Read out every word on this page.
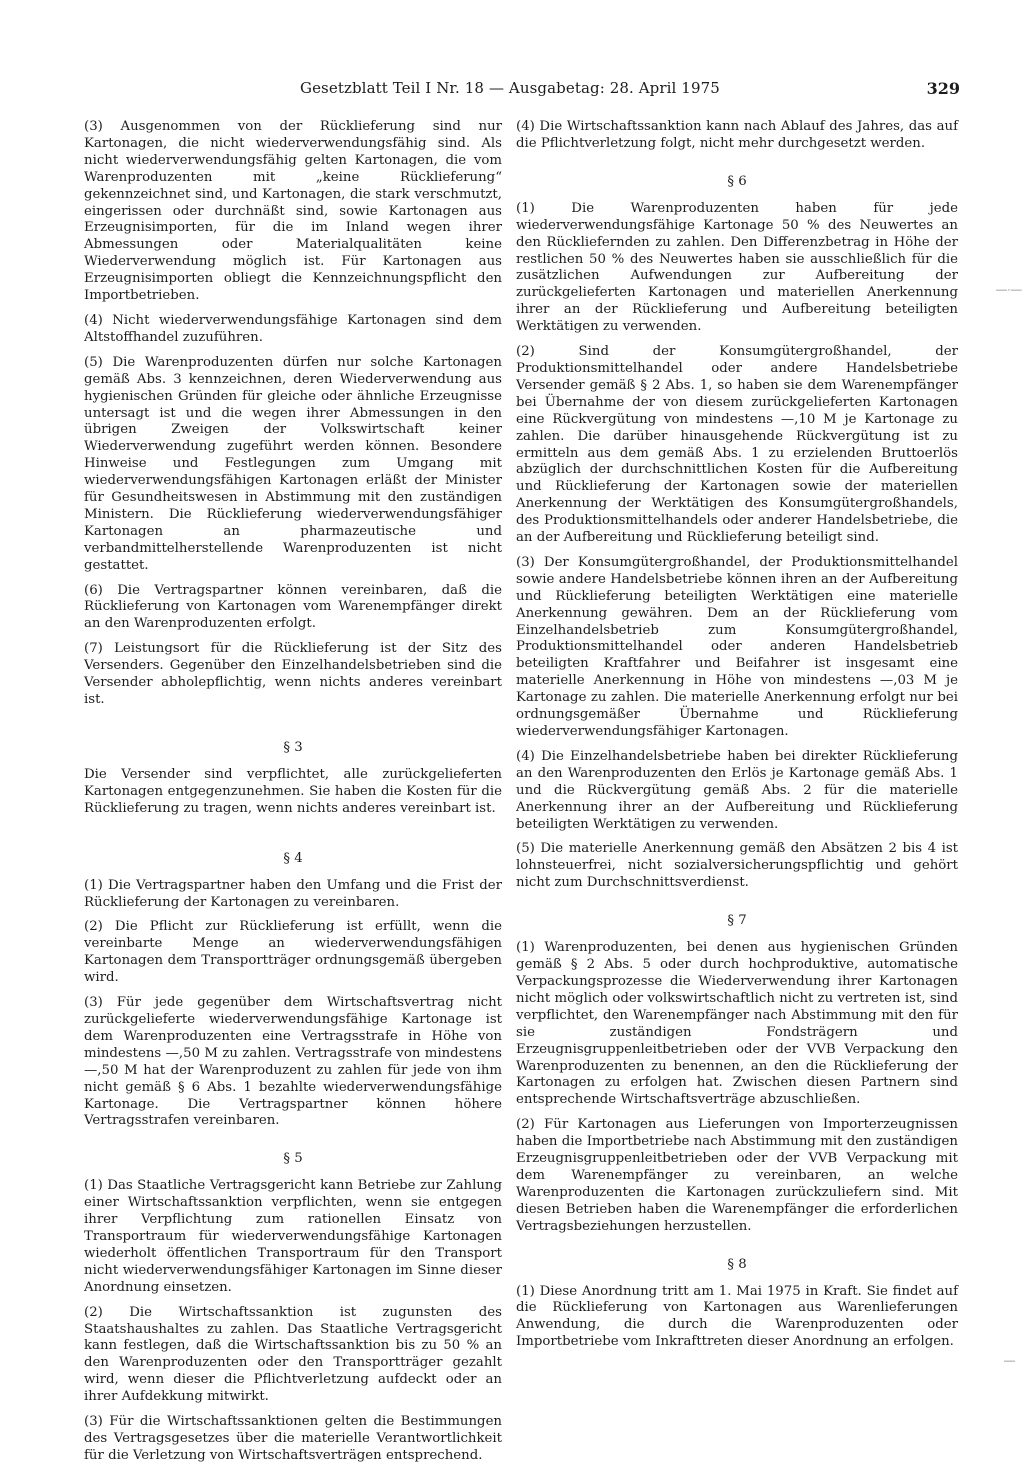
Gesetzblatt Teil I Nr. 18 — Ausgabetag: 28. April 1975	329

(3) Ausgenommen von der Rücklieferung sind nur Kartonagen, die nicht wiederverwendungsfähig sind. Als nicht wiederverwendungsfähig gelten Kartonagen, die vom Warenproduzenten mit „keine Rücklieferung“ gekennzeichnet sind, und Kartonagen, die stark verschmutzt, eingerissen oder durchnäßt sind, sowie Kartonagen aus Erzeugnisimporten, für die im Inland wegen ihrer Abmessungen oder Materialqualitäten keine Wiederverwendung möglich ist. Für Kartonagen aus Erzeugnisimporten obliegt die Kennzeichnungspflicht den Importbetrieben.

(4) Nicht wiederverwendungsfähige Kartonagen sind dem Altstoffhandel zuzuführen.

(5) Die Warenproduzenten dürfen nur solche Kartonagen gemäß Abs. 3 kennzeichnen, deren Wiederverwendung aus hygienischen Gründen für gleiche oder ähnliche Erzeugnisse untersagt ist und die wegen ihrer Abmessungen in den übrigen Zweigen der Volkswirtschaft keiner Wiederverwendung zugeführt werden können. Besondere Hinweise und Festlegungen zum Umgang mit wiederverwendungsfähigen Kartonagen erläßt der Minister für Gesundheitswesen in Abstimmung mit den zuständigen Ministern. Die Rücklieferung wiederverwendungsfähiger Kartonagen an pharmazeutische und verbandmittelherstellende Warenproduzenten ist nicht gestattet.

(6) Die Vertragspartner können vereinbaren, daß die Rücklieferung von Kartonagen vom Warenempfänger direkt an den Warenproduzenten erfolgt.

(7) Leistungsort für die Rücklieferung ist der Sitz des Versenders. Gegenüber den Einzelhandelsbetrieben sind die Versender abholepflichtig, wenn nichts anderes vereinbart ist.

§ 3

Die Versender sind verpflichtet, alle zurückgelieferten Kartonagen entgegenzunehmen. Sie haben die Kosten für die Rücklieferung zu tragen, wenn nichts anderes vereinbart ist.

§ 4

(1) Die Vertragspartner haben den Umfang und die Frist der Rücklieferung der Kartonagen zu vereinbaren.

(2) Die Pflicht zur Rücklieferung ist erfüllt, wenn die vereinbarte Menge an wiederverwendungsfähigen Kartonagen dem Transportträger ordnungsgemäß übergeben wird.

(3) Für jede gegenüber dem Wirtschaftsvertrag nicht zurückgelieferte wiederverwendungsfähige Kartonage ist dem Warenproduzenten eine Vertragsstrafe in Höhe von mindestens —,50 M zu zahlen. Vertragsstrafe von mindestens —,50 M hat der Warenproduzent zu zahlen für jede von ihm nicht gemäß § 6 Abs. 1 bezahlte wiederverwendungsfähige Kartonage. Die Vertragspartner können höhere Vertragsstrafen vereinbaren.

§ 5

(1) Das Staatliche Vertragsgericht kann Betriebe zur Zahlung einer Wirtschaftssanktion verpflichten, wenn sie entgegen ihrer Verpflichtung zum rationellen Einsatz von Transportraum für wiederverwendungsfähige Kartonagen wiederholt öffentlichen Transportraum für den Transport nicht wiederverwendungsfähiger Kartonagen im Sinne dieser Anordnung einsetzen.

(2) Die Wirtschaftssanktion ist zugunsten des Staatshaushaltes zu zahlen. Das Staatliche Vertragsgericht kann festlegen, daß die Wirtschaftssanktion bis zu 50 % an den Warenproduzenten oder den Transportträger gezahlt wird, wenn dieser die Pflichtverletzung aufdeckt oder an ihrer Aufdekkung mitwirkt.

(3) Für die Wirtschaftssanktionen gelten die Bestimmungen des Vertragsgesetzes über die materielle Verantwortlichkeit für die Verletzung von Wirtschaftsverträgen entsprechend.

(4) Die Wirtschaftssanktion kann nach Ablauf des Jahres, das auf die Pflichtverletzung folgt, nicht mehr durchgesetzt werden.

§ 6

(1) Die Warenproduzenten haben für jede wiederverwendungsfähige Kartonage 50 % des Neuwertes an den Rückliefernden zu zahlen. Den Differenzbetrag in Höhe der restlichen 50 % des Neuwertes haben sie ausschließlich für die zusätzlichen Aufwendungen zur Aufbereitung der zurückgelieferten Kartonagen und materiellen Anerkennung ihrer an der Rücklieferung und Aufbereitung beteiligten Werktätigen zu verwenden.

(2) Sind der Konsumgütergroßhandel, der Produktionsmittelhandel oder andere Handelsbetriebe Versender gemäß § 2 Abs. 1, so haben sie dem Warenempfänger bei Übernahme der von diesem zurückgelieferten Kartonagen eine Rückvergütung von mindestens —,10 M je Kartonage zu zahlen. Die darüber hinausgehende Rückvergütung ist zu ermitteln aus dem gemäß Abs. 1 zu erzielenden Bruttoerlös abzüglich der durchschnittlichen Kosten für die Aufbereitung und Rücklieferung der Kartonagen sowie der materiellen Anerkennung der Werktätigen des Konsumgütergroßhandels, des Produktionsmittelhandels oder anderer Handelsbetriebe, die an der Aufbereitung und Rücklieferung beteiligt sind.

(3) Der Konsumgütergroßhandel, der Produktionsmittelhandel sowie andere Handelsbetriebe können ihren an der Aufbereitung und Rücklieferung beteiligten Werktätigen eine materielle Anerkennung gewähren. Dem an der Rücklieferung vom Einzelhandelsbetrieb zum Konsumgütergroßhandel, Produktionsmittelhandel oder anderen Handelsbetrieb beteiligten Kraftfahrer und Beifahrer ist insgesamt eine materielle Anerkennung in Höhe von mindestens —,03 M je Kartonage zu zahlen. Die materielle Anerkennung erfolgt nur bei ordnungsgemäßer Übernahme und Rücklieferung wiederverwendungsfähiger Kartonagen.

(4) Die Einzelhandelsbetriebe haben bei direkter Rücklieferung an den Warenproduzenten den Erlös je Kartonage gemäß Abs. 1 und die Rückvergütung gemäß Abs. 2 für die materielle Anerkennung ihrer an der Aufbereitung und Rücklieferung beteiligten Werktätigen zu verwenden.

(5) Die materielle Anerkennung gemäß den Absätzen 2 bis 4 ist lohnsteuerfrei, nicht sozialversicherungspflichtig und gehört nicht zum Durchschnittsverdienst.

§ 7

(1) Warenproduzenten, bei denen aus hygienischen Gründen gemäß § 2 Abs. 5 oder durch hochproduktive, automatische Verpackungsprozesse die Wiederverwendung ihrer Kartonagen nicht möglich oder volkswirtschaftlich nicht zu vertreten ist, sind verpflichtet, den Warenempfänger nach Abstimmung mit den für sie zuständigen Fondsträgern und Erzeugnisgruppenleitbetrieben oder der VVB Verpackung den Warenproduzenten zu benennen, an den die Rücklieferung der Kartonagen zu erfolgen hat. Zwischen diesen Partnern sind entsprechende Wirtschaftsverträge abzuschließen.

(2) Für Kartonagen aus Lieferungen von Importerzeugnissen haben die Importbetriebe nach Abstimmung mit den zuständigen Erzeugnisgruppenleitbetrieben oder der VVB Verpackung mit dem Warenempfänger zu vereinbaren, an welche Warenproduzenten die Kartonagen zurückzuliefern sind. Mit diesen Betrieben haben die Warenempfänger die erforderlichen Vertragsbeziehungen herzustellen.

§ 8

(1) Diese Anordnung tritt am 1. Mai 1975 in Kraft. Sie findet auf die Rücklieferung von Kartonagen aus Warenlieferungen Anwendung, die durch die Warenproduzenten oder Importbetriebe vom Inkrafttreten dieser Anordnung an erfolgen.

—·—
—
